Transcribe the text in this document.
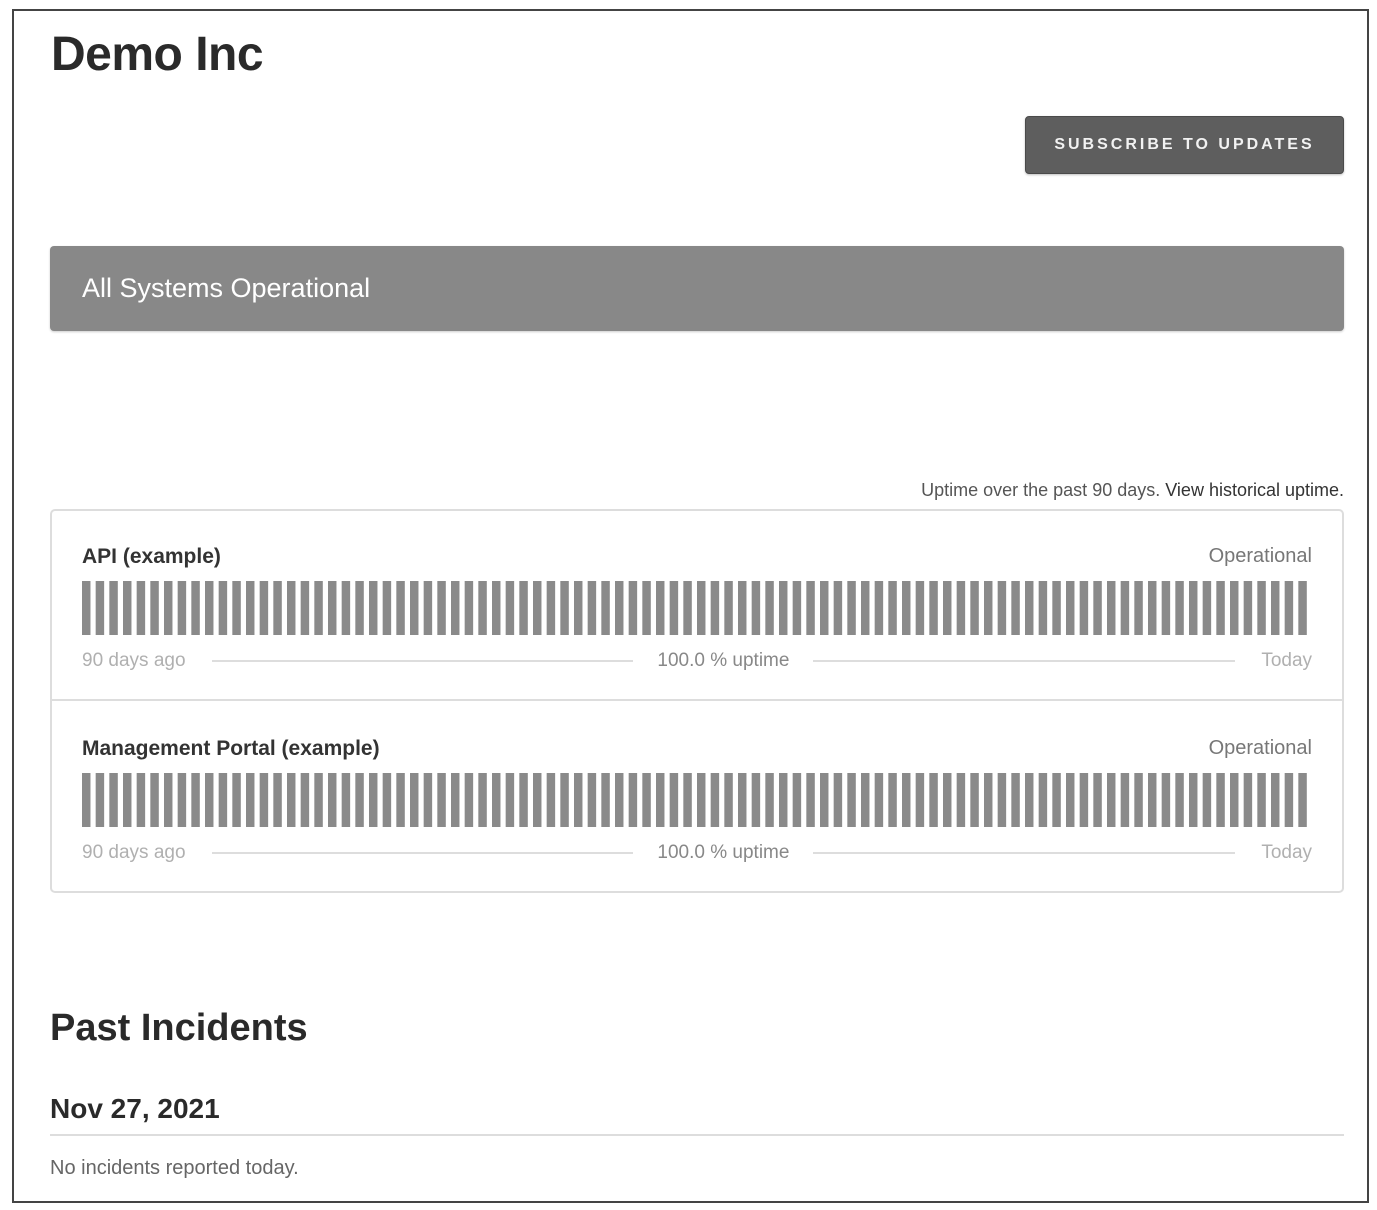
Demo Inc
SUBSCRIBE TO UPDATES
All Systems Operational
Uptime over the past 90 days. View historical uptime.
API (example)	Operational
90 days ago	100.0 % uptime	Today
Management Portal (example)	Operational
90 days ago	100.0 % uptime	Today
Past Incidents
Nov 27, 2021
No incidents reported today.
